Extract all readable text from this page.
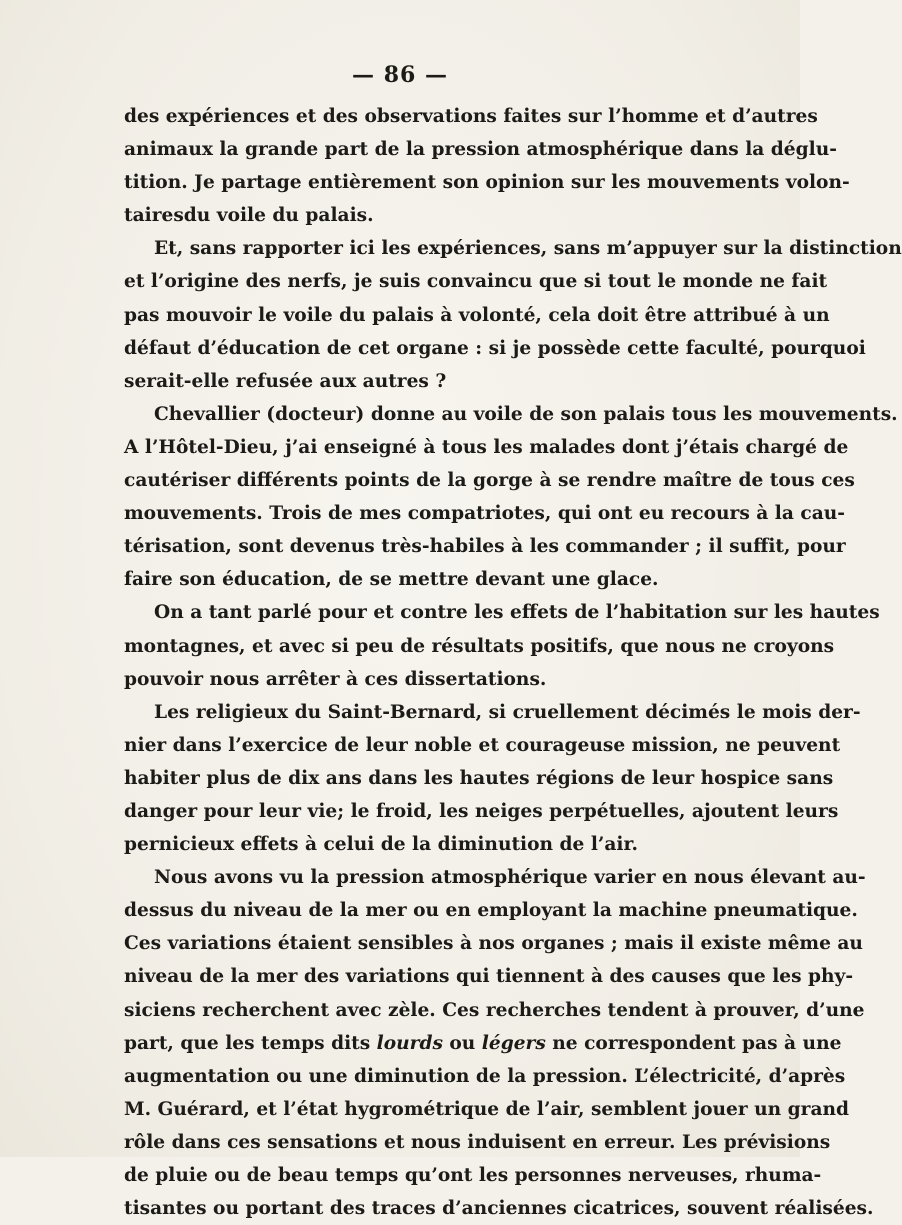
— 86 —
des expériences et des observations faites sur l’homme et d’autres
animaux la grande part de la pression atmosphérique dans la déglu-
tition. Je partage entièrement son opinion sur les mouvements volon-
tairesdu voile du palais.
Et, sans rapporter ici les expériences, sans m’appuyer sur la distinction
et l’origine des nerfs, je suis convaincu que si tout le monde ne fait
pas mouvoir le voile du palais à volonté, cela doit être attribué à un
défaut d’éducation de cet organe : si je possède cette faculté, pourquoi
serait-elle refusée aux autres ?
Chevallier (docteur) donne au voile de son palais tous les mouvements.
A l’Hôtel-Dieu, j’ai enseigné à tous les malades dont j’étais chargé de
cautériser différents points de la gorge à se rendre maître de tous ces
mouvements. Trois de mes compatriotes, qui ont eu recours à la cau-
térisation, sont devenus très-habiles à les commander ; il suffit, pour
faire son éducation, de se mettre devant une glace.
On a tant parlé pour et contre les effets de l’habitation sur les hautes
montagnes, et avec si peu de résultats positifs, que nous ne croyons
pouvoir nous arrêter à ces dissertations.
Les religieux du Saint-Bernard, si cruellement décimés le mois der-
nier dans l’exercice de leur noble et courageuse mission, ne peuvent
habiter plus de dix ans dans les hautes régions de leur hospice sans
danger pour leur vie; le froid, les neiges perpétuelles, ajoutent leurs
pernicieux effets à celui de la diminution de l’air.
Nous avons vu la pression atmosphérique varier en nous élevant au-
dessus du niveau de la mer ou en employant la machine pneumatique.
Ces variations étaient sensibles à nos organes ; mais il existe même au
niveau de la mer des variations qui tiennent à des causes que les phy-
siciens recherchent avec zèle. Ces recherches tendent à prouver, d’une
part, que les temps dits lourds ou légers ne correspondent pas à une
augmentation ou une diminution de la pression. L’électricité, d’après
M. Guérard, et l’état hygrométrique de l’air, semblent jouer un grand
rôle dans ces sensations et nous induisent en erreur. Les prévisions
de pluie ou de beau temps qu’ont les personnes nerveuses, rhuma-
tisantes ou portant des traces d’anciennes cicatrices, souvent réalisées.
